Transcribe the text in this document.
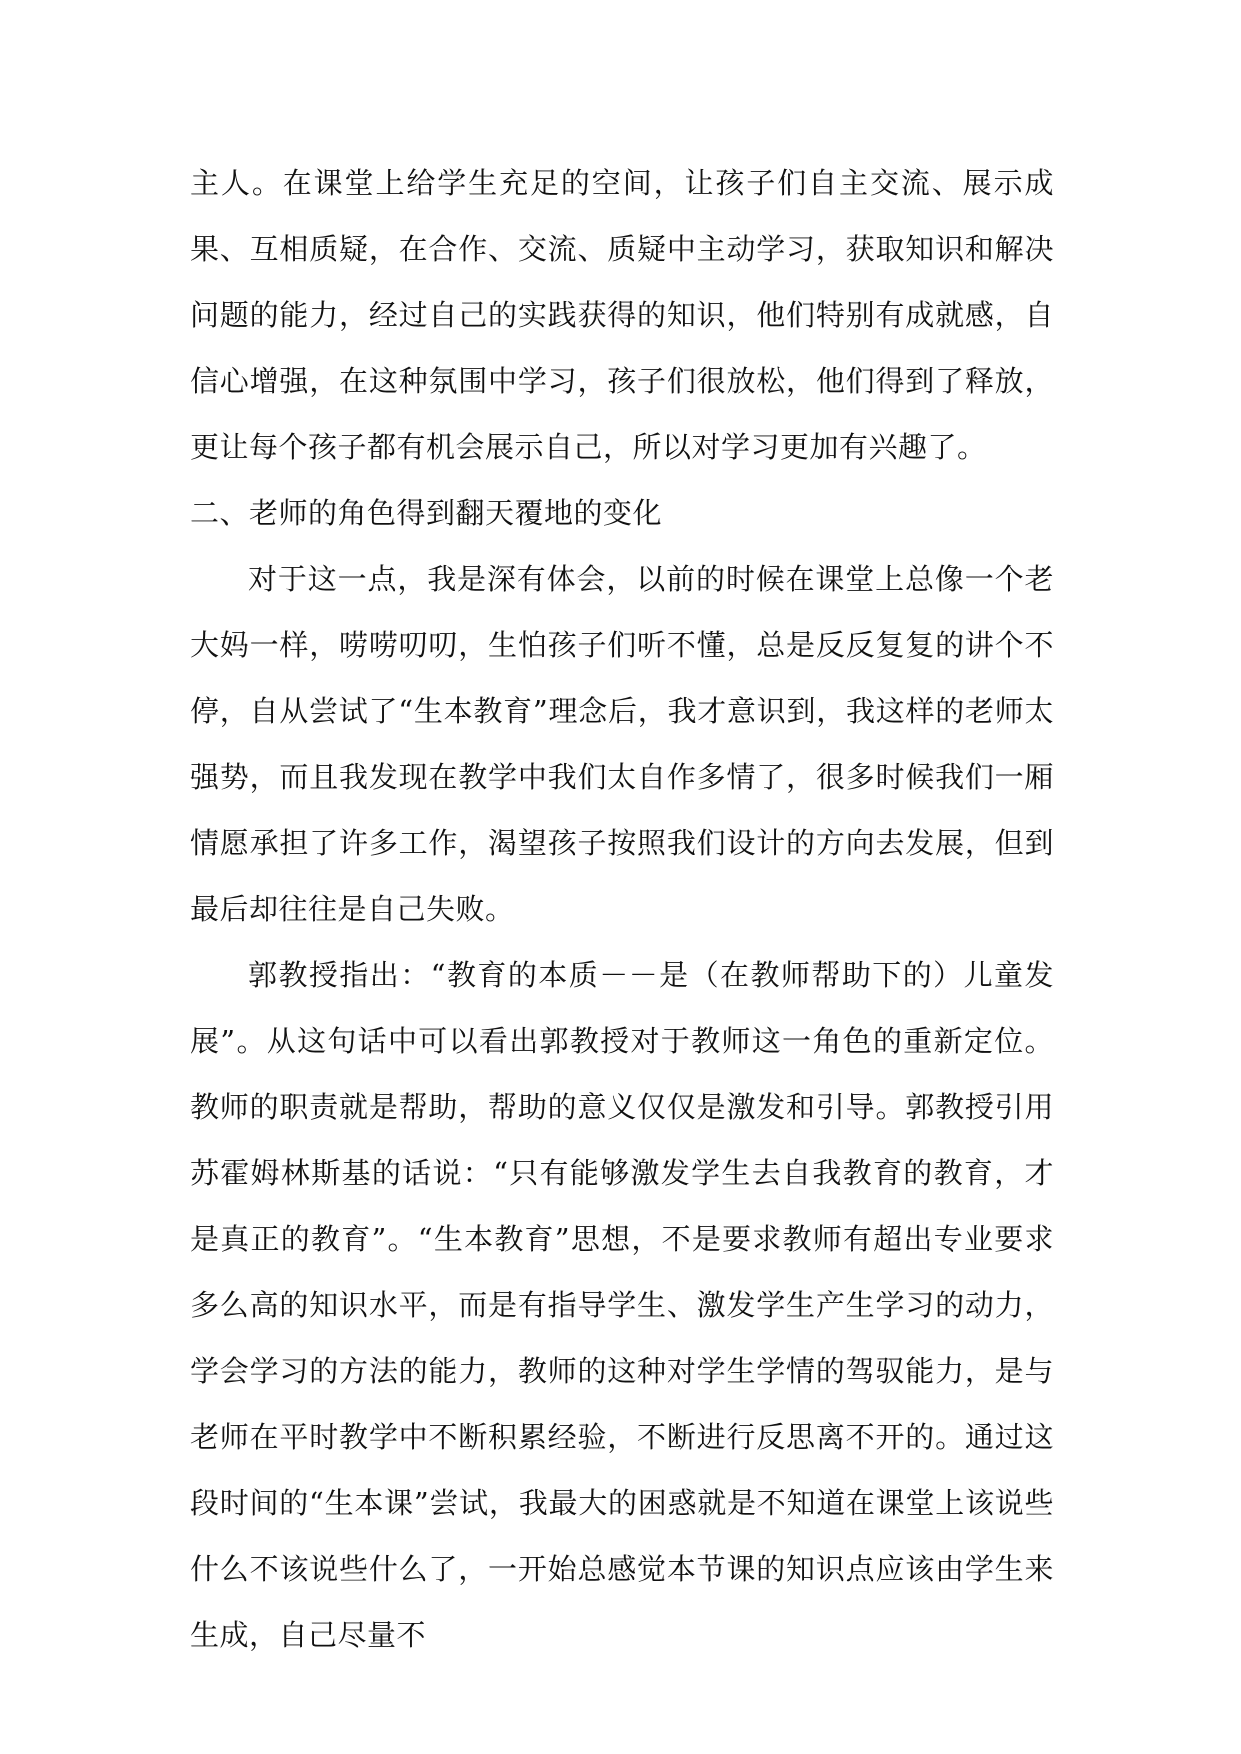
主人。在课堂上给学生充足的空间，让孩子们自主交流、展示成果、互相质疑，在合作、交流、质疑中主动学习，获取知识和解决问题的能力，经过自己的实践获得的知识，他们特别有成就感，自信心增强，在这种氛围中学习，孩子们很放松，他们得到了释放，更让每个孩子都有机会展示自己，所以对学习更加有兴趣了。

二、老师的角色得到翻天覆地的变化

对于这一点，我是深有体会，以前的时候在课堂上总像一个老大妈一样，唠唠叨叨，生怕孩子们听不懂，总是反反复复的讲个不停，自从尝试了“生本教育”理念后，我才意识到，我这样的老师太强势，而且我发现在教学中我们太自作多情了，很多时候我们一厢情愿承担了许多工作，渴望孩子按照我们设计的方向去发展，但到最后却往往是自己失败。

郭教授指出：“教育的本质－－是（在教师帮助下的）儿童发展”。从这句话中可以看出郭教授对于教师这一角色的重新定位。教师的职责就是帮助，帮助的意义仅仅是激发和引导。郭教授引用苏霍姆林斯基的话说：“只有能够激发学生去自我教育的教育，才是真正的教育”。“生本教育”思想，不是要求教师有超出专业要求多么高的知识水平，而是有指导学生、激发学生产生学习的动力，学会学习的方法的能力，教师的这种对学生学情的驾驭能力，是与老师在平时教学中不断积累经验，不断进行反思离不开的。通过这段时间的“生本课”尝试，我最大的困惑就是不知道在课堂上该说些什么不该说些什么了，一开始总感觉本节课的知识点应该由学生来生成，自己尽量不
